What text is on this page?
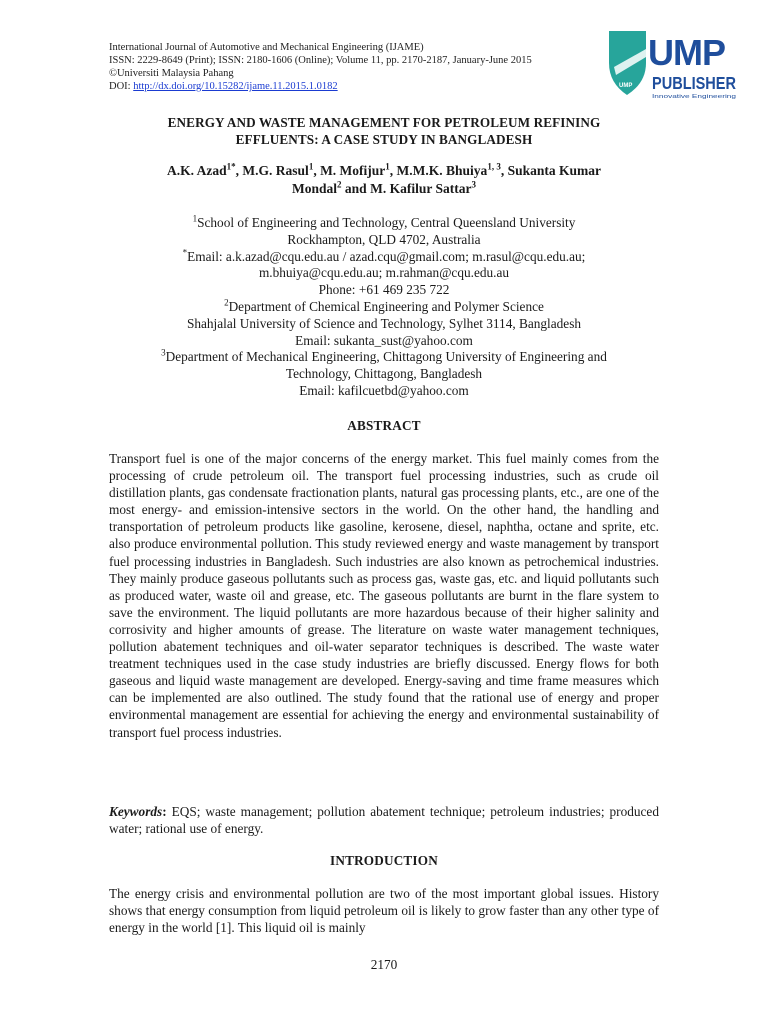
International Journal of Automotive and Mechanical Engineering (IJAME)
ISSN: 2229-8649 (Print); ISSN: 2180-1606 (Online); Volume 11, pp. 2170-2187, January-June 2015
©Universiti Malaysia Pahang
DOI: http://dx.doi.org/10.15282/ijame.11.2015.1.0182	UMP
UMP
PUBLISHER
Innovative Engineering
ENERGY AND WASTE MANAGEMENT FOR PETROLEUM REFINING
EFFLUENTS: A CASE STUDY IN BANGLADESH
A.K. Azad$^{1*}$, M.G. Rasul$^1$, M. Mofijur$^1$, M.M.K. Bhuiya$^{1, 3}$, Sukanta Kumar
Mondal$^2$ and M. Kafilur Sattar$^3$
$^1$School of Engineering and Technology, Central Queensland University
Rockhampton, QLD 4702, Australia
*Email: a.k.azad@cqu.edu.au / azad.cqu@gmail.com; m.rasul@cqu.edu.au;
m.bhuiya@cqu.edu.au; m.rahman@cqu.edu.au
Phone: +61 469 235 722
$^2$Department of Chemical Engineering and Polymer Science
Shahjalal University of Science and Technology, Sylhet 3114, Bangladesh
Email: sukanta_sust@yahoo.com
$^3$Department of Mechanical Engineering, Chittagong University of Engineering and
Technology, Chittagong, Bangladesh
Email: kafilcuetbd@yahoo.com
ABSTRACT
Transport fuel is one of the major concerns of the energy market. This fuel mainly comes from the processing of crude petroleum oil. The transport fuel processing industries, such as crude oil distillation plants, gas condensate fractionation plants, natural gas processing plants, etc., are one of the most energy- and emission-intensive sectors in the world. On the other hand, the handling and transportation of petroleum products like gasoline, kerosene, diesel, naphtha, octane and sprite, etc. also produce environmental pollution. This study reviewed energy and waste management by transport fuel processing industries in Bangladesh. Such industries are also known as petrochemical industries. They mainly produce gaseous pollutants such as process gas, waste gas, etc. and liquid pollutants such as produced water, waste oil and grease, etc. The gaseous pollutants are burnt in the flare system to save the environment. The liquid pollutants are more hazardous because of their higher salinity and corrosivity and higher amounts of grease. The literature on waste water management techniques, pollution abatement techniques and oil-water separator techniques is described. The waste water treatment techniques used in the case study industries are briefly discussed. Energy flows for both gaseous and liquid waste management are developed. Energy-saving and time frame measures which can be implemented are also outlined. The study found that the rational use of energy and proper environmental management are essential for achieving the energy and environmental sustainability of transport fuel process industries.
Keywords: EQS; waste management; pollution abatement technique; petroleum industries; produced water; rational use of energy.
INTRODUCTION
The energy crisis and environmental pollution are two of the most important global issues. History shows that energy consumption from liquid petroleum oil is likely to grow faster than any other type of energy in the world [1]. This liquid oil is mainly
2170
